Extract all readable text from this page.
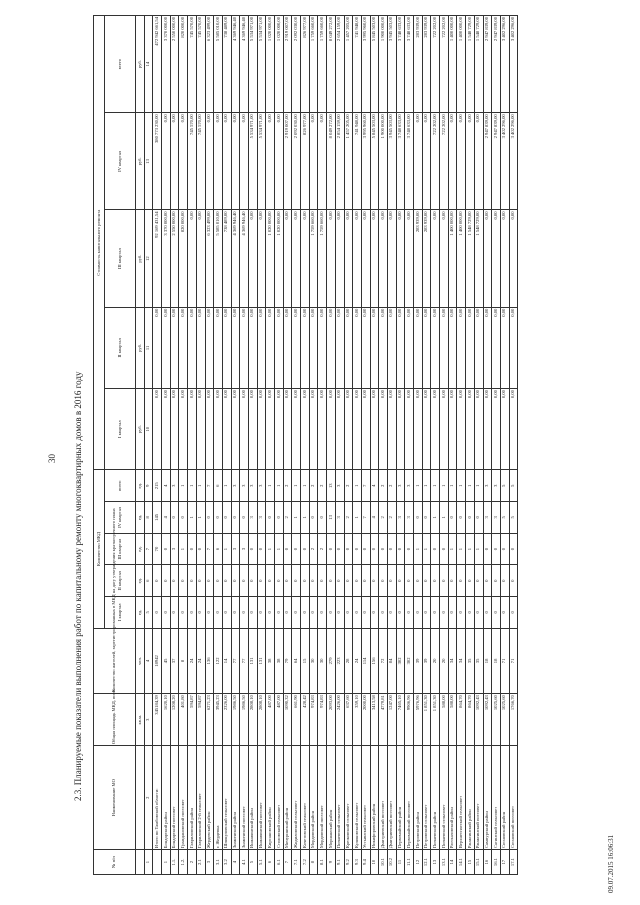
30 2.3. Планируемые показатели выполнения работ по капитальному ремонту многоквартирных домов в 2016 году
№ п/п	Наименование МО	Общая площадь МКД, всего	Количество жителей, зарегистрированных в МКД на дату утверждения краткосрочного плана	Количество МКД					Стоимость капитального ремонта				
				I квартал	II квартал	III квартал	IV квартал	всего	I квартал	II квартал	III квартал	IV квартал	всего
		кв.м.	чел.	ед.	ед.	ед.	ед.	ед.	руб.	руб.	руб.	руб.	руб.
1	2	3	4	5	6	7	8	9	10	11	12	13	14
	Итого по Тамбовской области:	345184,39	18942	0	0	70	145	215	0,00	0,00	92 169 431,54	380 773 230,00	472 942 661,54
1	Бондарский район	1620,10	45	0	0	0	4	4	0,00	0,00	3 370 000,00	0,00	3 370 000,00
1.1.	Бондарский поссовет	1208,20	37	0	0	3	0	3	0,00	0,00	2 550 000,00	0,00	2 550 000,00
1.2.	Граждановский поссовет	401,80	8	0	0	1	0	1	0,00	0,00	820 000,00	0,00	820 000,00
2	Гавриловский район	594,87	24	0	0	0	1	1	0,00	0,00	0,00	745 570,00	745 570,00
2.1	Гавриловский 2-й сельсовет	594,87	24	0	0	0	1	1	0,00	0,00	0,00	745 570,00	745 570,00
3	Жердевский район	6271,23	136	0	0	7	0	7	0,00	0,00	6 323 499,00	0,00	6 323 499,00
3.1	г. Жердевка	3945,23	122	0	0	6	0	6	0,00	0,00	5 585 010,00	0,00	5 585 010,00
3.2	Шпикуловский сельсовет	2326,00	14	0	0	1	0	1	0,00	0,00	738 489,00	0,00	738 489,00
4	Знаменский район	1986,50	77	0	0	3	0	3	0,00	0,00	4 369 946,40	0,00	4 369 946,40
4.1	Знаменский поссовет	1986,50	77	0	0	3	0	3	0,00	0,00	4 369 946,40	0,00	4 369 946,40
5	Инжавинский район	2808,10	131	0	0	0	3	3	0,00	0,00	0,00	5 534 971,00	5 534 971,00
5.1	Инжавинский поссовет	2808,10	131	0	0	0	3	3	0,00	0,00	0,00	5 534 971,00	5 534 971,00
6	Кирсановский район	487,00	38	0	0	1	0	1	0,00	0,00	1 020 000,00	0,00	1 020 000,00
6.1	Столовский сельсовет	487,00	38	0	0	1	0	1	0,00	0,00	1 020 000,00	0,00	1 020 000,00
7	Мичуринский район	1090,32	79	0	0	0	2	2	0,00	0,00	0,00	2 919 007,00	2 919 007,00
7.1	Жидиловский сельсовет	661,90	64	0	0	0	1	1	0,00	0,00	0,00	2 092 030,00	2 092 030,00
7.2	Кочетовский сельсовет	428,42	15	0	0	0	1	1	0,00	0,00	0,00	826 977,00	826 977,00
8	Мордовский район	974,83	30	0	0	2	0	2	0,00	0,00	1 759 660,00	0,00	1 759 660,00
8.1	Мордовский поссовет	974,83	30	0	0	2	0	2	0,00	0,00	1 759 660,00	0,00	1 759 660,00
9	Моршанский район	2093,00	279	0	0	0	13	13	0,00	0,00	0,00	8 049 272,00	8 049 272,00
9.1	Пичаевский сельсовет	2426,00	223	0	0	0	3	3	0,00	0,00	0,00	2 854 159,00	2 654 159,00
9.2	Крюковский сельсовет	637,60	28	0	0	0	2	2	0,00	0,00	0,00	1 457 205,00	1 457 205,00
9.3	Куликовский сельсовет	359,10	24	0	0	0	1	1	0,00	0,00	0,00	741 948,00	741 948,00
9.4	Устьинский сельсовет	2000,00	114	0	0	0	7	7	0,00	0,00	0,00	3 995 960,00	3 995 960,00
10	Никифоровский район	3413,58	156	0	0	0	4	4	0,00	0,00	0,00	5 845 503,00	5 845 503,00
10.1	Дмитриевский поссовет	4779,81	72	0	0	0	2	2	0,00	0,00	0,00	1 900 000,00	1 900 000,00
10.2	Дмитриевский поссовет	1247,00	84	0	0	0	2	2	0,00	0,00	0,00	3 945 503,00	3 945 503,00
11	Первомайский район	7465,10	302	0	0	0	3	3	0,00	0,00	0,00	3 748 633,00	3 748 633,00
11.1	Первомайский поссовет	9906,96	302	0	0	0	3	3	0,00	0,00	0,00	3 748 633,00	3 748 633,00
12	Петровский район	5976,96	39	0	0	1	0	1	0,00	0,00	283 939,00	0,00	283 939,00
12.1	Петровский сельсовет	1 851,30	39	0	0	1	0	1	0,00	0,00	283 939,00	0,00	283 939,00
13	Пичаевский район	1 851,30	20	0	0	0	1	1	0,00	0,00	0,00	722 202,00	722 202,00
13.1	Пичаевский сельсовет	588,00	20	0	0	0	1	1	0,00	0,00	0,00	722 202,00	722 202,00
14	Рассказовский район	588,00	34	0	0	1	0	1	0,00	0,00	1 400 000,00	0,00	1 400 000,00
14.1	Верхнеспасский сельсовет	864,70	34	0	0	1	0	1	0,00	0,00	1 400 000,00	0,00	1 400 000,00
15	Ржаксинский район	864,70	35	0	0	1	0	1	0,00	0,00	1 548 729,00	0,00	1 548 729,00
15.1	Ржаксинский поссовет	1092,43	35	0	0	1	0	1	0,00	0,00	1 548 729,00	0,00	1 548 729,00
16	Сампурский район	1092,43	18	0	0	0	3	3	0,00	0,00	0,00	2 947 839,00	2 947 839,00
16.1	Сатинский сельсовет	1025,60	18	0	0	0	3	3	0,00	0,00	0,00	2 947 839,00	2 947 839,00
17	Сосновский район	1025,60	71	0	0	0	5	5	0,00	0,00	0,00	3 402 296,00	3 402 296,00
17.1	Сосновский поссовет	1766,70	71	0	0	0	5	5	0,00	0,00	0,00	3 402 296,00	3 402 296,00
09.07.2015 16:06:31
